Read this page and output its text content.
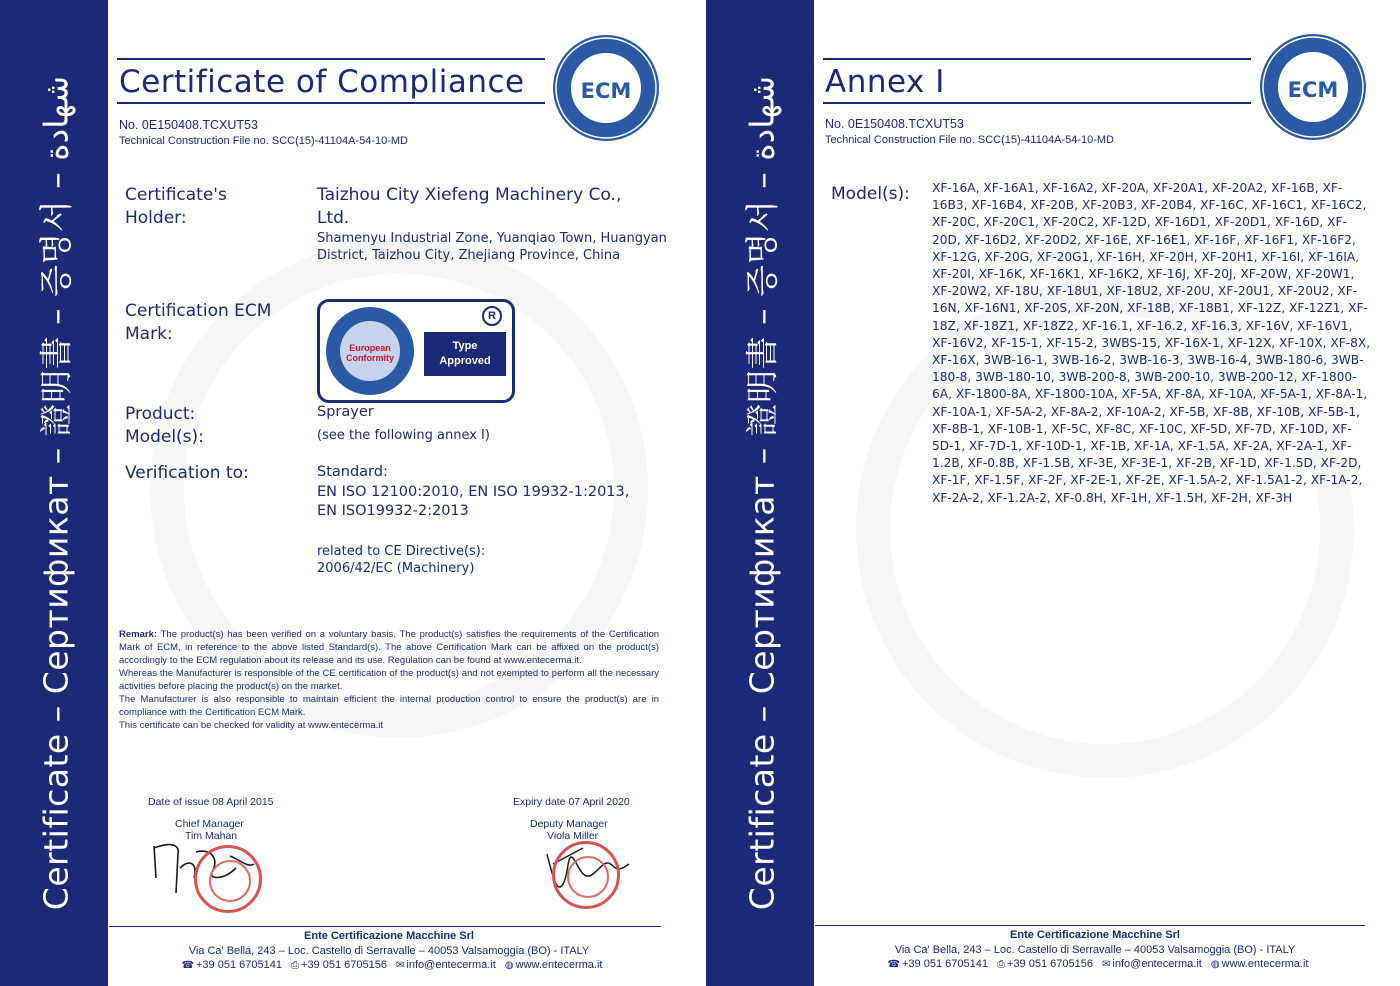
Certificate – Сертификат – 證明書 – 증명서 – شهادة Certificate of Compliance	ECM
No. 0E150408.TCXUT53
Technical Construction File no. SCC(15)-41104A-54-10-MD
Certificate's Holder:
Taizhou City Xiefeng Machinery Co., Ltd.
Shamenyu Industrial Zone, Yuanqiao Town, Huangyan District, Taizhou City, Zhejiang Province, China
Certification ECM Mark:
European Conformity
R
Type
Approved
Product:	Sprayer
Model(s):	(see the following annex I)
Verification to:	Standard:
EN ISO 12100:2010, EN ISO 19932-1:2013,
EN ISO19932-2:2013
related to CE Directive(s):
2006/42/EC (Machinery)

Remark: The product(s) has been verified on a voluntary basis. The product(s) satisfies the requirements of the Certification Mark of ECM, in reference to the above listed Standard(s). The above Certification Mark can be affixed on the product(s) accordingly to the ECM regulation about its release and its use. Regulation can be found at www.entecerma.it.

Whereas the Manufacturer is responsible of the CE certification of the product(s) and not exempted to perform all the necessary activities before placing the product(s) on the market.

The Manufacturer is also responsible to maintain efficient the internal production control to ensure the product(s) are in compliance with the Certification ECM Mark.

This certificate can be checked for validity at www.entecerma.it

Date of issue 08 April 2015	Expiry date 07 April 2020
Chief Manager
Tim Mahan
Deputy Manager
Viola Miller
Ente Certificazione Macchine Srl
Via Ca' Bella, 243 – Loc. Castello di Serravalle – 40053 Valsamoggia (BO) - ITALY
☎ +39 051 6705141 ⎙ +39 051 6705156 ✉ info@entecerma.it ◍ www.entecerma.it
Certificate – Сертификат – 證明書 – 증명서 – شهادة Annex I	ECM
No. 0E150408.TCXUT53
Technical Construction File no. SCC(15)-41104A-54-10-MD
Model(s): XF-16A, XF-16A1, XF-16A2, XF-20A, XF-20A1, XF-20A2, XF-16B, XF-16B3, XF-16B4, XF-20B, XF-20B3, XF-20B4, XF-16C, XF-16C1, XF-16C2, XF-20C, XF-20C1, XF-20C2, XF-12D, XF-16D1, XF-20D1, XF-16D, XF-20D, XF-16D2, XF-20D2, XF-16E, XF-16E1, XF-16F, XF-16F1, XF-16F2, XF-12G, XF-20G, XF-20G1, XF-16H, XF-20H, XF-20H1, XF-16I, XF-16IA, XF-20I, XF-16K, XF-16K1, XF-16K2, XF-16J, XF-20J, XF-20W, XF-20W1, XF-20W2, XF-18U, XF-18U1, XF-18U2, XF-20U, XF-20U1, XF-20U2, XF-16N, XF-16N1, XF-20S, XF-20N, XF-18B, XF-18B1, XF-12Z, XF-12Z1, XF-18Z, XF-18Z1, XF-18Z2, XF-16.1, XF-16.2, XF-16.3, XF-16V, XF-16V1, XF-16V2, XF-15-1, XF-15-2, 3WBS-15, XF-16X-1, XF-12X, XF-10X, XF-8X, XF-16X, 3WB-16-1, 3WB-16-2, 3WB-16-3, 3WB-16-4, 3WB-180-6, 3WB-180-8, 3WB-180-10, 3WB-200-8, 3WB-200-10, 3WB-200-12, XF-1800-6A, XF-1800-8A, XF-1800-10A, XF-5A, XF-8A, XF-10A, XF-5A-1, XF-8A-1, XF-10A-1, XF-5A-2, XF-8A-2, XF-10A-2, XF-5B, XF-8B, XF-10B, XF-5B-1, XF-8B-1, XF-10B-1, XF-5C, XF-8C, XF-10C, XF-5D, XF-7D, XF-10D, XF-5D-1, XF-7D-1, XF-10D-1, XF-1B, XF-1A, XF-1.5A, XF-2A, XF-2A-1, XF-1.2B, XF-0.8B, XF-1.5B, XF-3E, XF-3E-1, XF-2B, XF-1D, XF-1.5D, XF-2D, XF-1F, XF-1.5F, XF-2F, XF-2E-1, XF-2E, XF-1.5A-2, XF-1.5A1-2, XF-1A-2, XF-2A-2, XF-1.2A-2, XF-0.8H, XF-1H, XF-1.5H, XF-2H, XF-3H
Ente Certificazione Macchine Srl
Via Ca' Bella, 243 – Loc. Castello di Serravalle – 40053 Valsamoggia (BO) - ITALY
☎ +39 051 6705141 ⎙ +39 051 6705156 ✉ info@entecerma.it ◍ www.entecerma.it
